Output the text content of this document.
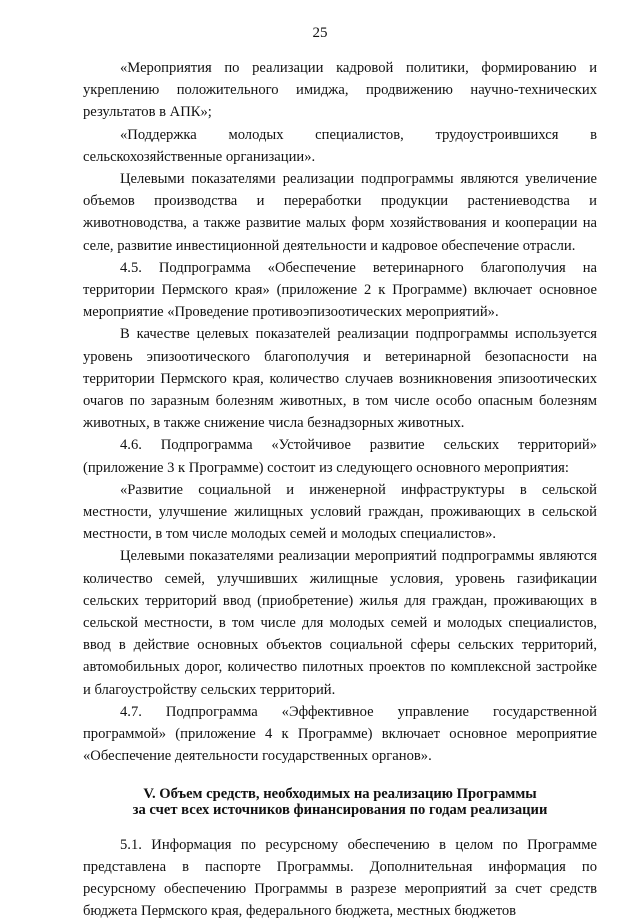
25

«Мероприятия по реализации кадровой политики, формированию и укреплению положительного имиджа, продвижению научно-технических результатов в АПК»;

«Поддержка молодых специалистов, трудоустроившихся в сельскохозяйственные организации».

Целевыми показателями реализации подпрограммы являются увеличение объемов производства и переработки продукции растениеводства и животноводства, а также развитие малых форм хозяйствования и кооперации на селе, развитие инвестиционной деятельности и кадровое обеспечение отрасли.

4.5. Подпрограмма «Обеспечение ветеринарного благополучия на территории Пермского края» (приложение 2 к Программе) включает основное мероприятие «Проведение противоэпизоотических мероприятий».

В качестве целевых показателей реализации подпрограммы используется уровень эпизоотического благополучия и ветеринарной безопасности на территории Пермского края, количество случаев возникновения эпизоотических очагов по заразным болезням животных, в том числе особо опасным болезням животных, в также снижение числа безнадзорных животных.

4.6. Подпрограмма «Устойчивое развитие сельских территорий» (приложение 3 к Программе) состоит из следующего основного мероприятия:

«Развитие социальной и инженерной инфраструктуры в сельской местности, улучшение жилищных условий граждан, проживающих в сельской местности, в том числе молодых семей и молодых специалистов».

Целевыми показателями реализации мероприятий подпрограммы являются количество семей, улучшивших жилищные условия, уровень газификации сельских территорий ввод (приобретение) жилья для граждан, проживающих в сельской местности, в том числе для молодых семей и молодых специалистов, ввод в действие основных объектов социальной сферы сельских территорий, автомобильных дорог, количество пилотных проектов по комплексной застройке и благоустройству сельских территорий.

4.7. Подпрограмма «Эффективное управление государственной программой» (приложение 4 к Программе) включает основное мероприятие «Обеспечение деятельности государственных органов».

V. Объем средств, необходимых на реализацию Программы
за счет всех источников финансирования по годам реализации

5.1. Информация по ресурсному обеспечению в целом по Программе представлена в паспорте Программы. Дополнительная информация по ресурсному обеспечению Программы в разрезе мероприятий за счет средств бюджета Пермского края, федерального бюджета, местных бюджетов
